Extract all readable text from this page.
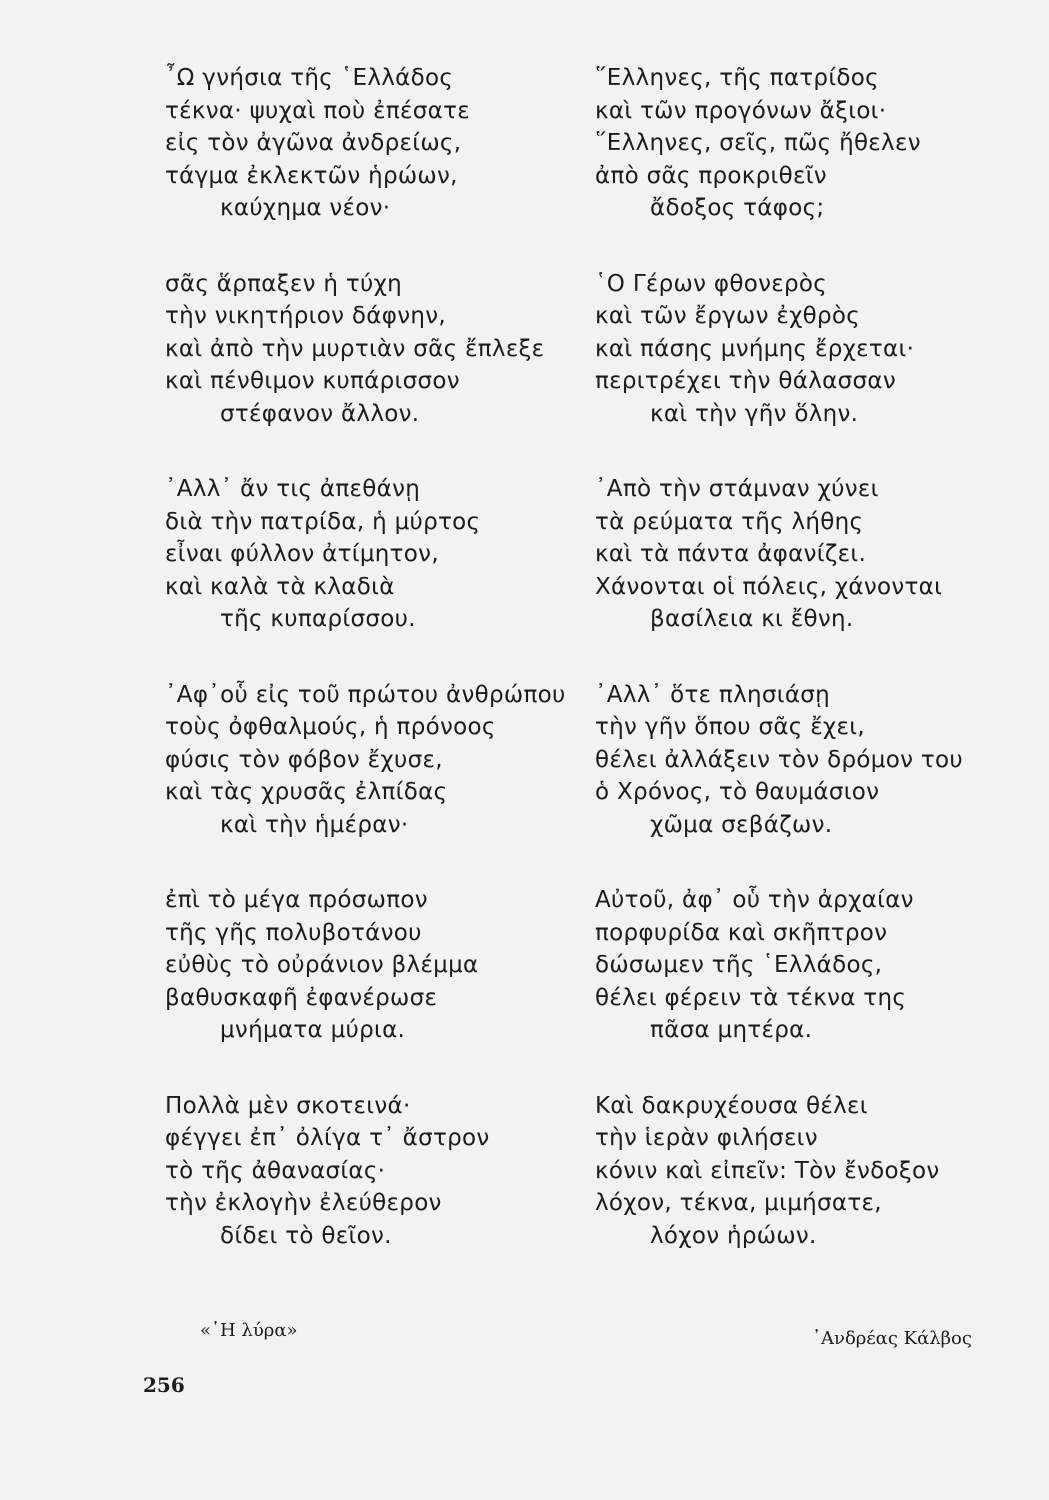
῏Ω γνήσια τῆς ῾Ελλάδος
τέκνα· ψυχαὶ ποὺ ἐπέσατε
εἰς τὸν ἀγῶνα ἀνδρείως,
τάγμα ἐκλεκτῶν ἡρώων,
καύχημα νέον·
σᾶς ἅρπαξεν ἡ τύχη
τὴν νικητήριον δάφνην,
καὶ ἀπὸ τὴν μυρτιὰν σᾶς ἔπλεξε
καὶ πένθιμον κυπάρισσον
στέφανον ἄλλον.
᾿Αλλ᾿ ἄν τις ἀπεθάνῃ
διὰ τὴν πατρίδα, ἡ μύρτος
εἶναι φύλλον ἀτίμητον,
καὶ καλὰ τὰ κλαδιὰ
τῆς κυπαρίσσου.
᾿Αφ᾿οὗ εἰς τοῦ πρώτου ἀνθρώπου
τοὺς ὀφθαλμούς, ἡ πρόνοος
φύσις τὸν φόβον ἔχυσε,
καὶ τὰς χρυσᾶς ἐλπίδας
καὶ τὴν ἡμέραν·
ἐπὶ τὸ μέγα πρόσωπον
τῆς γῆς πολυβοτάνου
εὐθὺς τὸ οὐράνιον βλέμμα
βαθυσκαφῆ ἐφανέρωσε
μνήματα μύρια.
Πολλὰ μὲν σκοτεινά·
φέγγει ἐπ᾿ ὀλίγα τ᾿ ἄστρον
τὸ τῆς ἀθανασίας·
τὴν ἐκλογὴν ἐλεύθερον
δίδει τὸ θεῖον.
῞Ελληνες, τῆς πατρίδος
καὶ τῶν προγόνων ἄξιοι·
῞Ελληνες, σεῖς, πῶς ἤθελεν
ἀπὸ σᾶς προκριθεῖν
ἄδοξος τάφος;
῾Ο Γέρων φθονερὸς
καὶ τῶν ἔργων ἐχθρὸς
καὶ πάσης μνήμης ἔρχεται·
περιτρέχει τὴν θάλασσαν
καὶ τὴν γῆν ὅλην.
᾿Απὸ τὴν στάμναν χύνει
τὰ ρεύματα τῆς λήθης
καὶ τὰ πάντα ἀφανίζει.
Χάνονται οἱ πόλεις, χάνονται
βασίλεια κι ἔθνη.
᾿Αλλ᾿ ὅτε πλησιάσῃ
τὴν γῆν ὅπου σᾶς ἔχει,
θέλει ἀλλάξειν τὸν δρόμον του
ὁ Χρόνος, τὸ θαυμάσιον
χῶμα σεβάζων.
Αὐτοῦ, ἀφ᾿ οὗ τὴν ἀρχαίαν
πορφυρίδα καὶ σκῆπτρον
δώσωμεν τῆς ῾Ελλάδος,
θέλει φέρειν τὰ τέκνα της
πᾶσα μητέρα.
Καὶ δακρυχέουσα θέλει
τὴν ἱερὰν φιλήσειν
κόνιν καὶ εἰπεῖν: Τὸν ἔνδοξον
λόχον, τέκνα, μιμήσατε,
λόχον ἡρώων.
«῾Η λύρα»	᾿Ανδρέας Κάλβος
256
